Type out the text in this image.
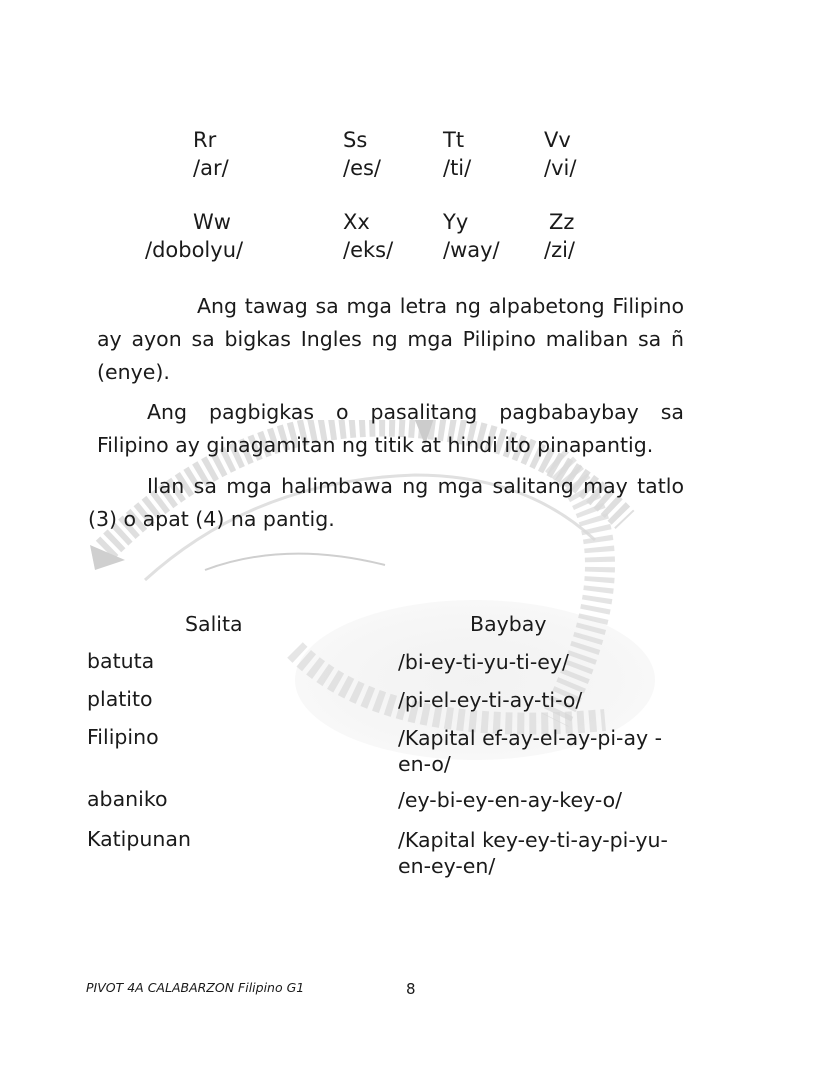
Rr	Ss	Tt	Vv
/ar/	/es/	/ti/	/vi/
Ww	Xx	Yy	Zz
/dobolyu/	/eks/ /way/ /zi/

Ang tawag sa mga letra ng alpabetong Filipino ay ayon sa bigkas Ingles ng mga Pilipino maliban sa ñ (enye).

Ang pagbigkas o pasalitang pagbabaybay sa Filipino ay ginagamitan ng titik at hindi ito pinapantig.

Ilan sa mga halimbawa ng mga salitang may tatlo (3) o apat (4) na pantig.

Salita	Baybay
batuta	/bi-ey-ti-yu-ti-ey/
platito	/pi-el-ey-ti-ay-ti-o/
Filipino	/Kapital ef-ay-el-ay-pi-ay -en-o/
abaniko	/ey-bi-ey-en-ay-key-o/
Katipunan	/Kapital key-ey-ti-ay-pi-yu-en-ey-en/
PIVOT 4A CALABARZON Filipino G1	8
